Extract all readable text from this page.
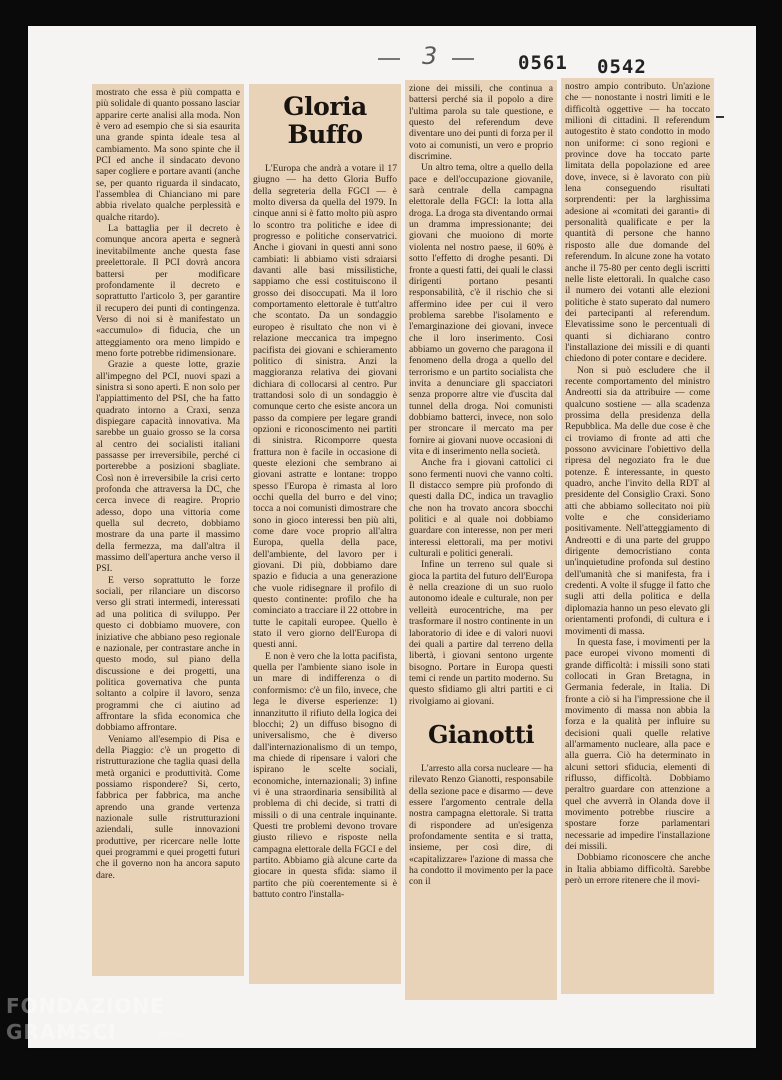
3	0561 0542

mostrato che essa è più compatta e più solidale di quanto possano lasciar apparire certe analisi alla moda. Non è vero ad esempio che si sia esaurita una grande spinta ideale tesa al cambiamento. Ma sono spinte che il PCI ed anche il sindacato devono saper cogliere e portare avanti (anche se, per quanto riguarda il sindacato, l'assemblea di Chianciano mi pare abbia rivelato qualche perplessità e qualche ritardo).

La battaglia per il decreto è comunque ancora aperta e segnerà inevitabilmente anche questa fase preelettorale. Il PCI dovrà ancora battersi per modificare profondamente il decreto e soprattutto l'articolo 3, per garantire il recupero dei punti di contingenza. Verso di noi si è manifestato un «accumulo» di fiducia, che un atteggiamento ora meno limpido e meno forte potrebbe ridimensionare.

Grazie a queste lotte, grazie all'impegno del PCI, nuovi spazi a sinistra si sono aperti. E non solo per l'appiattimento del PSI, che ha fatto quadrato intorno a Craxi, senza dispiegare capacità innovativa. Ma sarebbe un guaio grosso se la corsa al centro dei socialisti italiani passasse per irreversibile, perché ci porterebbe a posizioni sbagliate. Così non è irreversibile la crisi certo profonda che attraversa la DC, che cerca invece di reagire. Proprio adesso, dopo una vittoria come quella sul decreto, dobbiamo mostrare da una parte il massimo della fermezza, ma dall'altra il massimo dell'apertura anche verso il PSI.

E verso soprattutto le forze sociali, per rilanciare un discorso verso gli strati intermedi, interessati ad una politica di sviluppo. Per questo ci dobbiamo muovere, con iniziative che abbiano peso regionale e nazionale, per contrastare anche in questo modo, sul piano della discussione e dei progetti, una politica governativa che punta soltanto a colpire il lavoro, senza programmi che ci aiutino ad affrontare la sfida economica che dobbiamo affrontare.

Veniamo all'esempio di Pisa e della Piaggio: c'è un progetto di ristrutturazione che taglia quasi della metà organici e produttività. Come possiamo rispondere? Si, certo, fabbrica per fabbrica, ma anche aprendo una grande vertenza nazionale sulle ristrutturazioni aziendali, sulle innovazioni produttive, per ricercare nelle lotte quei programmi e quei progetti futuri che il governo non ha ancora saputo dare.

Gloria Buffo

L'Europa che andrà a votare il 17 giugno — ha detto Gloria Buffo della segreteria della FGCI — è molto diversa da quella del 1979. In cinque anni si è fatto molto più aspro lo scontro tra politiche e idee di progresso e politiche conservatrici. Anche i giovani in questi anni sono cambiati: li abbiamo visti sdraiarsi davanti alle basi missilistiche, sappiamo che essi costituiscono il grosso dei disoccupati. Ma il loro comportamento elettorale è tutt'altro che scontato. Da un sondaggio europeo è risultato che non vi è relazione meccanica tra impegno pacifista dei giovani e schieramento politico di sinistra. Anzi la maggioranza relativa dei giovani dichiara di collocarsi al centro. Pur trattandosi solo di un sondaggio è comunque certo che esiste ancora un passo da compiere per legare grandi opzioni e riconoscimento nei partiti di sinistra. Ricomporre questa frattura non è facile in occasione di queste elezioni che sembrano ai giovani astratte e lontane: troppo spesso l'Europa è rimasta al loro occhi quella del burro e del vino; tocca a noi comunisti dimostrare che sono in gioco interessi ben più alti, come dare voce proprio all'altra Europa, quella della pace, dell'ambiente, del lavoro per i giovani. Di più, dobbiamo dare spazio e fiducia a una generazione che vuole ridisegnare il profilo di questo continente: profilo che ha cominciato a tracciare il 22 ottobre in tutte le capitali europee. Quello è stato il vero giorno dell'Europa di questi anni.

E non è vero che la lotta pacifista, quella per l'ambiente siano isole in un mare di indifferenza o di conformismo: c'è un filo, invece, che lega le diverse esperienze: 1) innanzitutto il rifiuto della logica dei blocchi; 2) un diffuso bisogno di universalismo, che è diverso dall'internazionalismo di un tempo, ma chiede di ripensare i valori che ispirano le scelte sociali, economiche, internazionali; 3) infine vi è una straordinaria sensibilità al problema di chi decide, si tratti di missili o di una centrale inquinante. Questi tre problemi devono trovare giusto rilievo e risposte nella campagna elettorale della FGCI e del partito. Abbiamo già alcune carte da giocare in questa sfida: siamo il partito che più coerentemente si è battuto contro l'installa-

zione dei missili, che continua a battersi perché sia il popolo a dire l'ultima parola su tale questione, e questo del referendum deve diventare uno dei punti di forza per il voto ai comunisti, un vero e proprio discrimine.

Un altro tema, oltre a quello della pace e dell'occupazione giovanile, sarà centrale della campagna elettorale della FGCI: la lotta alla droga. La droga sta diventando ormai un dramma impressionante; dei giovani che muoiono di morte violenta nel nostro paese, il 60% è sotto l'effetto di droghe pesanti. Di fronte a questi fatti, dei quali le classi dirigenti portano pesanti responsabilità, c'è il rischio che si affermino idee per cui il vero problema sarebbe l'isolamento e l'emarginazione dei giovani, invece che il loro inserimento. Così abbiamo un governo che paragona il fenomeno della droga a quello del terrorismo e un partito socialista che invita a denunciare gli spacciatori senza proporre altre vie d'uscita dal tunnel della droga. Noi comunisti dobbiamo batterci, invece, non solo per stroncare il mercato ma per fornire ai giovani nuove occasioni di vita e di inserimento nella società.

Anche fra i giovani cattolici ci sono fermenti nuovi che vanno colti. Il distacco sempre più profondo di questi dalla DC, indica un travaglio che non ha trovato ancora sbocchi politici e al quale noi dobbiamo guardare con interesse, non per meri interessi elettorali, ma per motivi culturali e politici generali.

Infine un terreno sul quale si gioca la partita del futuro dell'Europa è nella creazione di un suo ruolo autonomo ideale e culturale, non per velleità eurocentriche, ma per trasformare il nostro continente in un laboratorio di idee e di valori nuovi dei quali a partire dal terreno della libertà, i giovani sentono urgente bisogno. Portare in Europa questi temi ci rende un partito moderno. Su questo sfidiamo gli altri partiti e ci rivolgiamo ai giovani.

Gianotti

L'arresto alla corsa nucleare — ha rilevato Renzo Gianotti, responsabile della sezione pace e disarmo — deve essere l'argomento centrale della nostra campagna elettorale. Si tratta di rispondere ad un'esigenza profondamente sentita e si tratta, insieme, per così dire, di «capitalizzare» l'azione di massa che ha condotto il movimento per la pace con il

nostro ampio contributo. Un'azione che — nonostante i nostri limiti e le difficoltà oggettive — ha toccato milioni di cittadini. Il referendum autogestito è stato condotto in modo non uniforme: ci sono regioni e province dove ha toccato parte limitata della popolazione ed aree dove, invece, si è lavorato con più lena conseguendo risultati sorprendenti: per la larghissima adesione ai «comitati dei garanti» di personalità qualificate e per la quantità di persone che hanno risposto alle due domande del referendum. In alcune zone ha votato anche il 75-80 per cento degli iscritti nelle liste elettorali. In qualche caso il numero dei votanti alle elezioni politiche è stato superato dal numero dei partecipanti al referendum. Elevatissime sono le percentuali di quanti si dichiarano contro l'installazione dei missili e di quanti chiedono di poter contare e decidere.

Non si può escludere che il recente comportamento del ministro Andreotti sia da attribuire — come qualcuno sostiene — alla scadenza prossima della presidenza della Repubblica. Ma delle due cose è che ci troviamo di fronte ad atti che possono avvicinare l'obiettivo della ripresa del negoziato fra le due potenze. È interessante, in questo quadro, anche l'invito della RDT al presidente del Consiglio Craxi. Sono atti che abbiamo sollecitato noi più volte e che consideriamo positivamente. Nell'atteggiamento di Andreotti e di una parte del gruppo dirigente democristiano conta un'inquietudine profonda sul destino dell'umanità che si manifesta, fra i credenti. A volte il sfugge il fatto che sugli atti della politica e della diplomazia hanno un peso elevato gli orientamenti profondi, di cultura e i movimenti di massa.

In questa fase, i movimenti per la pace europei vivono momenti di grande difficoltà: i missili sono stati collocati in Gran Bretagna, in Germania federale, in Italia. Di fronte a ciò si ha l'impressione che il movimento di massa non abbia la forza e la qualità per influire su decisioni quali quelle relative all'armamento nucleare, alla pace e alla guerra. Ciò ha determinato in alcuni settori sfiducia, elementi di riflusso, difficoltà. Dobbiamo peraltro guardare con attenzione a quel che avverrà in Olanda dove il movimento potrebbe riuscire a spostare forze parlamentari necessarie ad impedire l'installazione dei missili.

Dobbiamo riconoscere che anche in Italia abbiamo difficoltà. Sarebbe però un errore ritenere che il movi-

FONDAZIONE
GRAMSCI	onlus
